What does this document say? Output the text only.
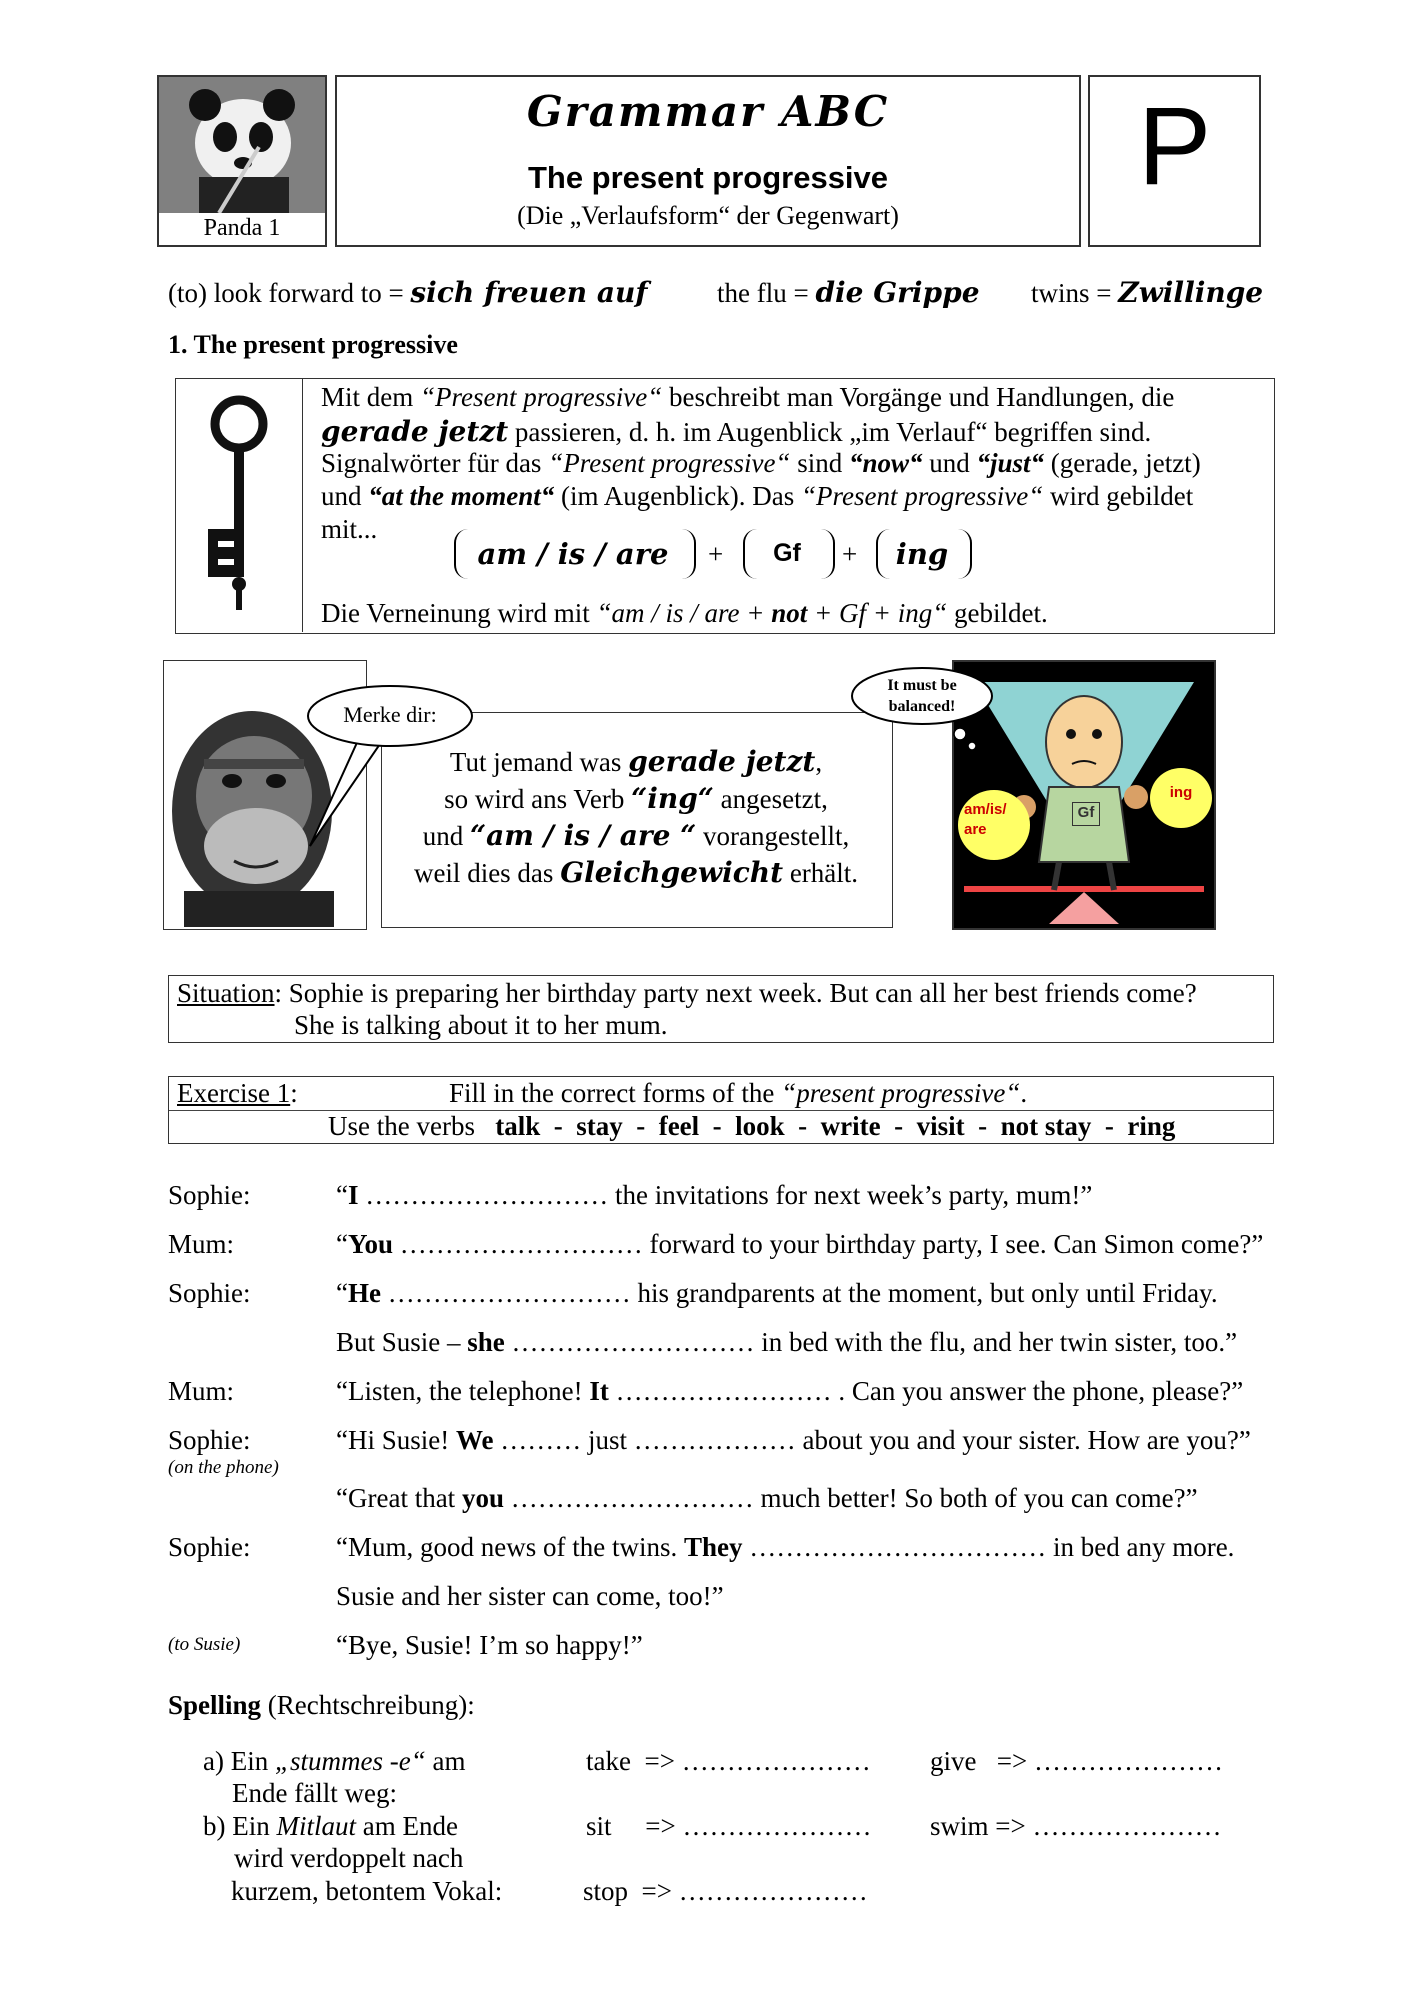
Panda 1
Grammar ABC
The present progressive
(Die „Verlaufsform“ der Gegenwart)
P
(to) look forward to = sich freuen auf	the flu = die Grippe twins = Zwillinge
1. The present progressive
Mit dem “Present progressive“ beschreibt man Vorgänge und Handlungen, die
gerade jetzt passieren, d. h. im Augenblick „im Verlauf“ begriffen sind.
Signalwörter für das “Present progressive“ sind “now“ und “just“ (gerade, jetzt)
und “at the moment“ (im Augenblick). Das “Present progressive“ wird gebildet
mit...
am / is / are	+	Gf	+	ing
Die Verneinung wird mit “am / is / are + not + Gf + ing“ gebildet.
Tut jemand was gerade jetzt,
so wird ans Verb “ing“ angesetzt,
und “am / is / are “ vorangestellt,
weil dies das Gleichgewicht erhält.
Merke dir:
am/is/ are
Gf
ing
It must be balanced!
Situation: Sophie is preparing her birthday party next week. But can all her best friends come?
She is talking about it to her mum.
Exercise 1:	Fill in the correct forms of the “present progressive“.
Use the verbs talk  -  stay  -  feel  -  look  -  write  -  visit  -  not stay  -  ring
Sophie:	“I ……………………… the invitations for next week’s party, mum!”
Mum:	“You ……………………… forward to your birthday party, I see. Can Simon come?”
Sophie:	“He ……………………… his grandparents at the moment, but only until Friday.
But Susie – she ……………………… in bed with the flu, and her twin sister, too.”
Mum:	“Listen, the telephone! It …………………… . Can you answer the phone, please?”
Sophie:
(on the phone)
“Hi Susie! We ……… just ……………… about you and your sister. How are you?”
“Great that you ……………………… much better! So both of you can come?”
Sophie:	“Mum, good news of the twins. They …………………………… in bed any more.
Susie and her sister can come, too!”
(to Susie)	“Bye, Susie! I’m so happy!”
Spelling (Rechtschreibung):
a) Ein „stummes -e“ am
Ende fällt weg:
b) Ein Mitlaut am Ende
wird verdoppelt nach
kurzem, betontem Vokal:
take  => ………………… give   => …………………
sit     => ………………… swim => …………………
stop  => …………………
